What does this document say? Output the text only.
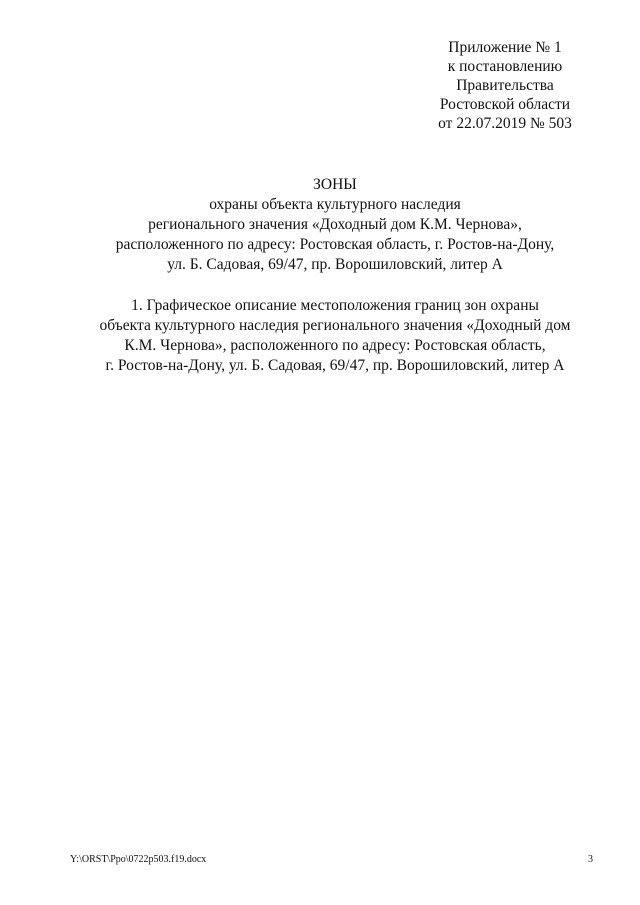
Приложение № 1
к постановлению
Правительства
Ростовской области
от 22.07.2019 № 503
ЗОНЫ
охраны объекта культурного наследия
регионального значения «Доходный дом К.М. Чернова»,
расположенного по адресу: Ростовская область, г. Ростов-на-Дону,
ул. Б. Садовая, 69/47, пр. Ворошиловский, литер А
1. Графическое описание местоположения границ зон охраны
объекта культурного наследия регионального значения «Доходный дом
К.М. Чернова», расположенного по адресу: Ростовская область,
г. Ростов-на-Дону, ул. Б. Садовая, 69/47, пр. Ворошиловский, литер А
Y:\ORST\Ppo\0722p503.f19.docx	3
